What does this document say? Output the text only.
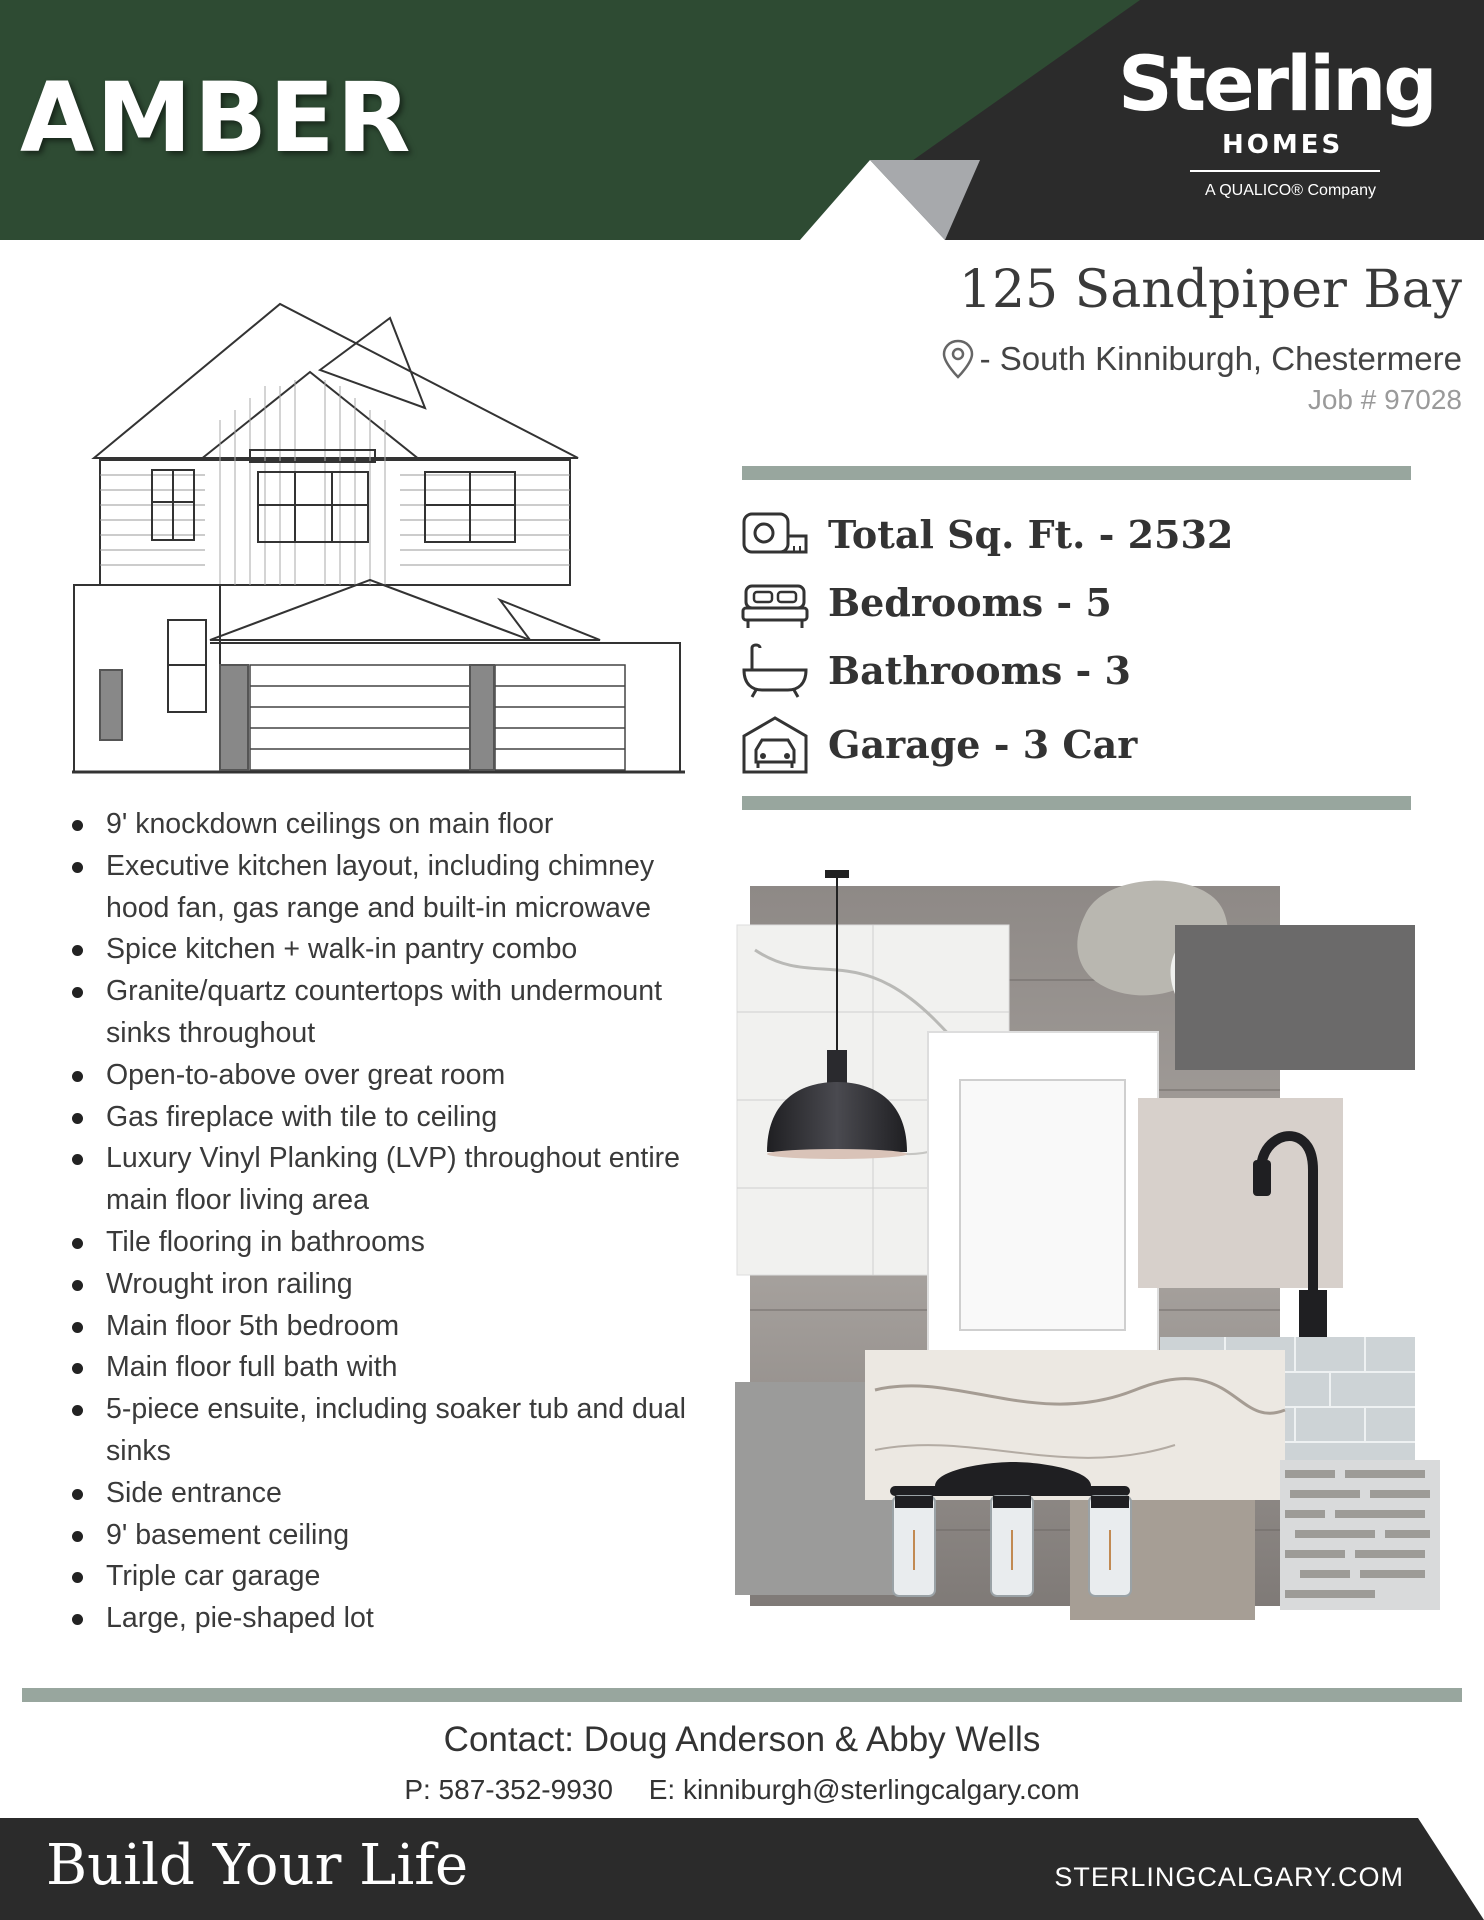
AMBER	Sterling
HOMES
A QUALICO® Company
125 Sandpiper Bay
- South Kinniburgh, Chestermere
Job # 97028
Total Sq. Ft. - 2532
Bedrooms - 5
Bathrooms - 3
Garage - 3 Car
9' knockdown ceilings on main floor
Executive kitchen layout, including chimney hood fan, gas range and built-in microwave
Spice kitchen + walk-in pantry combo
Granite/quartz countertops with undermount sinks throughout
Open-to-above over great room
Gas fireplace with tile to ceiling
Luxury Vinyl Planking (LVP) throughout entire main floor living area
Tile flooring in bathrooms
Wrought iron railing
Main floor 5th bedroom
Main floor full bath with
5-piece ensuite, including soaker tub and dual sinks
Side entrance
9' basement ceiling
Triple car garage
Large, pie-shaped lot
Contact: Doug Anderson & Abby Wells
P: 587-352-9930 E: kinniburgh@sterlingcalgary.com
Build Your Life	STERLINGCALGARY.COM
